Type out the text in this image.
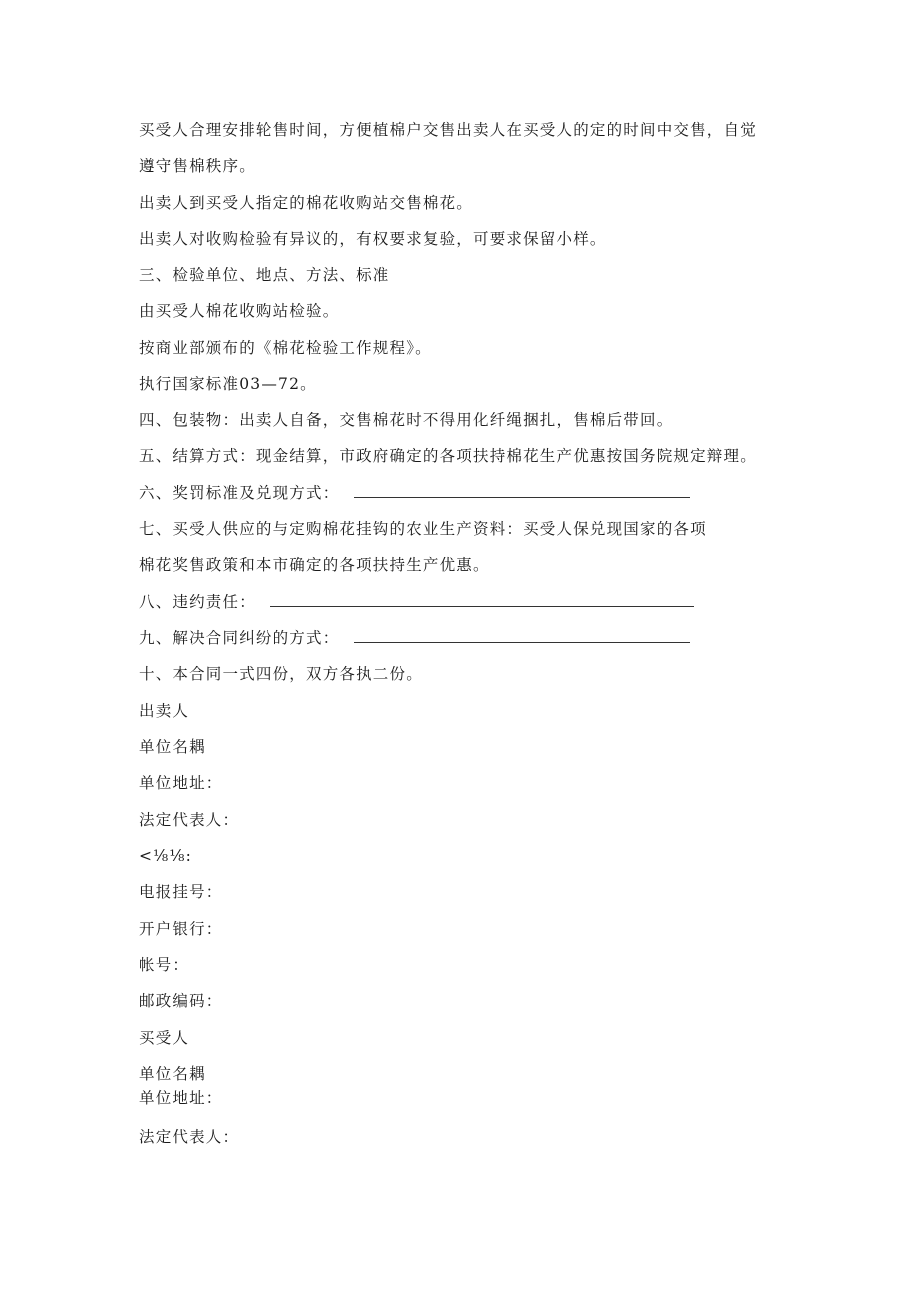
买受人合理安排轮售时间，方便植棉户交售出卖人在买受人的定的时间中交售，自觉
遵守售棉秩序。
出卖人到买受人指定的棉花收购站交售棉花。
出卖人对收购检验有异议的，有权要求复验，可要求保留小样。
三、检验单位、地点、方法、标准
由买受人棉花收购站检验。
按商业部颁布的《棉花检验工作规程》。
执行国家标准03—72。
四、包装物：出卖人自备，交售棉花时不得用化纤绳捆扎，售棉后带回。
五、结算方式：现金结算，市政府确定的各项扶持棉花生产优惠按国务院规定辩理。
六、奖罚标准及兑现方式：
七、买受人供应的与定购棉花挂钩的农业生产资料：买受人保兑现国家的各项
棉花奖售政策和本市确定的各项扶持生产优惠。
八、违约责任：
九、解决合同纠纷的方式：
十、本合同一式四份，双方各执二份。
出卖人
单位名耦
单位地址：
法定代表人：
<⅛⅛:
电报挂号：
开户银行：
帐号：
邮政编码：
买受人
单位名耦
单位地址：
法定代表人：
